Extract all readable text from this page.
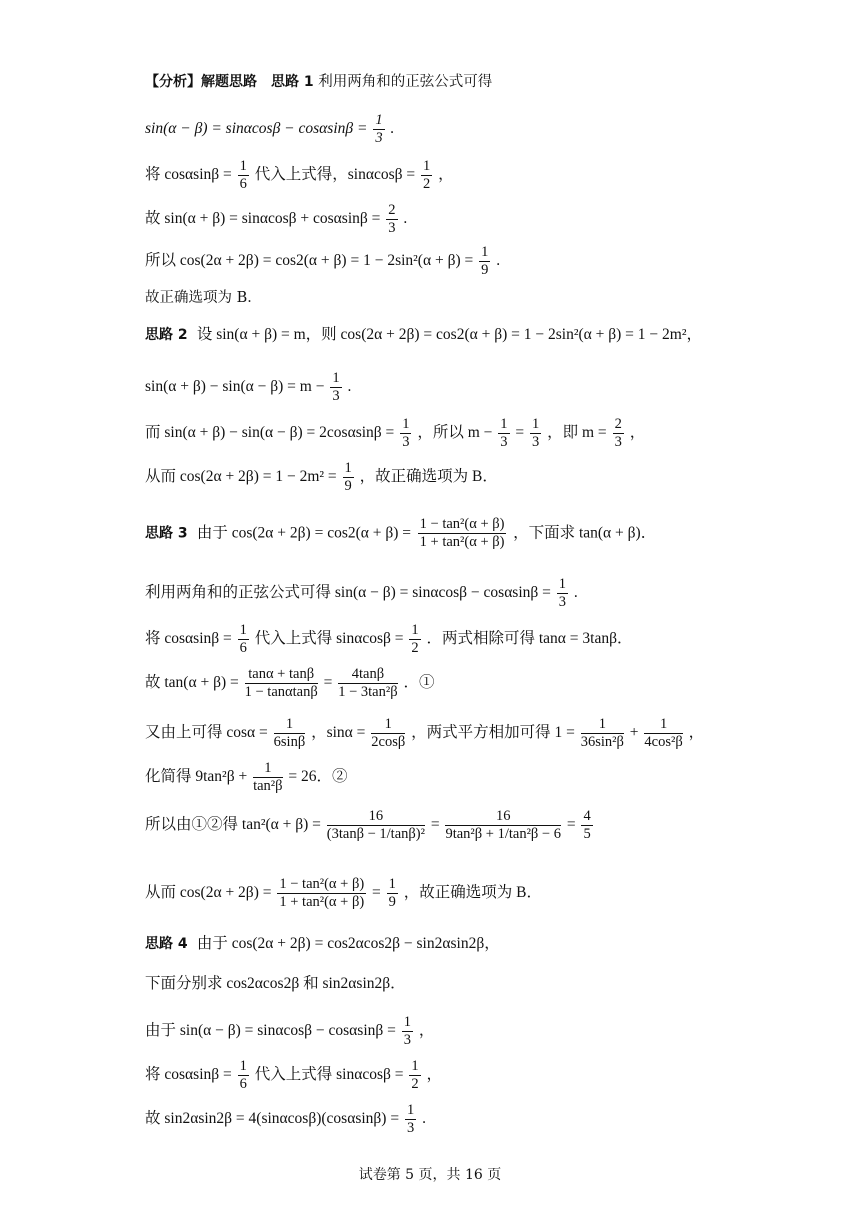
【分析】解题思路　思路 1 利用两角和的正弦公式可得
$\sin(\alpha - \beta) = \sin\alpha\cos\beta - \cos\alpha\sin\beta = \frac{1}{3}$ .
将 $\cos\alpha\sin\beta = \frac{1}{6}$ 代入上式得，$\sin\alpha\cos\beta = \frac{1}{2}$ ，
故 $\sin(\alpha + \beta) = \sin\alpha\cos\beta + \cos\alpha\sin\beta = \frac{2}{3}$ .
所以 $\cos(2\alpha + 2\beta) = \cos 2(\alpha + \beta) = 1 - 2\sin^2(\alpha + \beta) = \frac{1}{9}$ .
故正确选项为 B．
思路 2 设 sin(α + β) = m，则 cos(2α + 2β) = cos2(α + β) = 1 − 2sin²(α + β) = 1 − 2m²，
$\sin(\alpha + \beta) - \sin(\alpha - \beta) = m - \frac{1}{3}$ .
而 $\sin(\alpha + \beta) - \sin(\alpha - \beta) = 2\cos\alpha\sin\beta = \frac{1}{3}$ ，所以 $m - \frac{1}{3} = \frac{1}{3}$ ，即 $m = \frac{2}{3}$ ，
从而 $\cos(2\alpha + 2\beta) = 1 - 2m^2 = \frac{1}{9}$ ，故正确选项为 B．
思路 3 由于 $\cos(2\alpha + 2\beta) = \cos 2(\alpha + \beta) = \frac{\text{1 − tan²(α + β)}}{\text{1 + tan²(α + β)}}$ ，下面求 tan(α + β)．
利用两角和的正弦公式可得 $\sin(\alpha - \beta) = \sin\alpha\cos\beta - \cos\alpha\sin\beta = \frac{1}{3}$ .
将 $\cos\alpha\sin\beta = \frac{1}{6}$ 代入上式得 $\sin\alpha\cos\beta = \frac{1}{2}$ ．两式相除可得 tanα = 3tanβ．
故 $\tan(\alpha + \beta) = \frac{\tan\alpha + \tan\beta}{1 - \tan\alpha\tan\beta} = \frac{4\tan\beta}{\text{1 − 3tan²β}}$ ．①
又由上可得 $\cos\alpha = \frac{1}{6\sin\beta}$ ，$\sin\alpha = \frac{1}{2\cos\beta}$ ，两式平方相加可得 $1 = \frac{1}{\text{36sin²β}} + \frac{1}{\text{4cos²β}}$ ，
化简得 $9\tan^2\beta + \frac{1}{\text{tan²β}} = 26$．②
所以由①②得 $\tan^2(\alpha + \beta) = \frac{16}{\text{(3tanβ − 1/tanβ)²}} = \frac{16}{\text{9tan²β + 1/tan²β − 6}} = \frac{4}{5}$
从而 $\cos(2\alpha + 2\beta) = \frac{\text{1 − tan²(α + β)}}{\text{1 + tan²(α + β)}} = \frac{1}{9}$ ，故正确选项为 B．
思路 4 由于 cos(2α + 2β) = cos2αcos2β − sin2αsin2β，
下面分别求 cos2αcos2β 和 sin2αsin2β．
由于 $\sin(\alpha - \beta) = \sin\alpha\cos\beta - \cos\alpha\sin\beta = \frac{1}{3}$ ，
将 $\cos\alpha\sin\beta = \frac{1}{6}$ 代入上式得 $\sin\alpha\cos\beta = \frac{1}{2}$ ，
故 $\sin 2\alpha\sin 2\beta = 4(\sin\alpha\cos\beta)(\cos\alpha\sin\beta) = \frac{1}{3}$ .
试卷第 5 页，共 16 页
